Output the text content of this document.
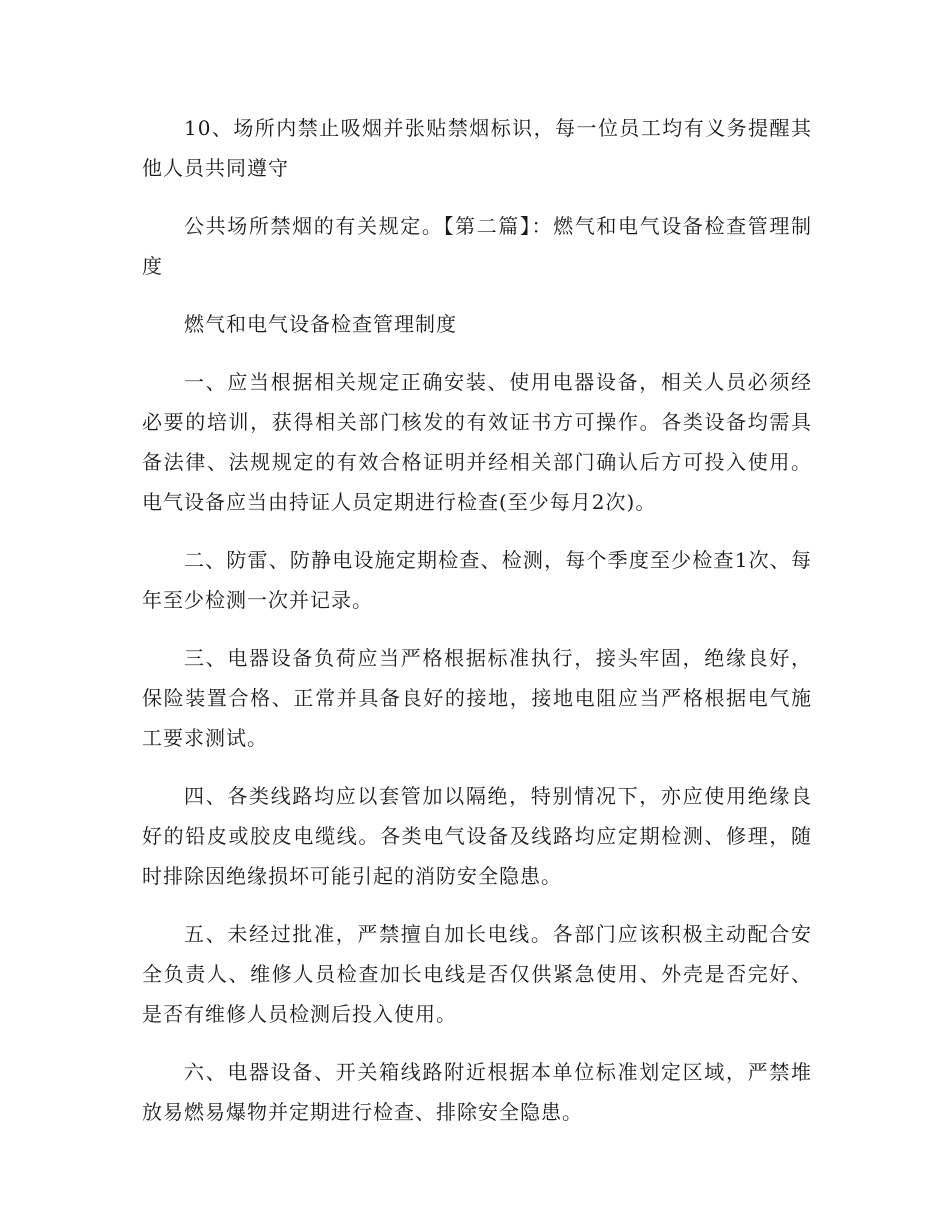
10、场所内禁止吸烟并张贴禁烟标识，每一位员工均有义务提醒其他人员共同遵守

公共场所禁烟的有关规定。【第二篇】：燃气和电气设备检查管理制度

燃气和电气设备检查管理制度

一、应当根据相关规定正确安装、使用电器设备，相关人员必须经必要的培训，获得相关部门核发的有效证书方可操作。各类设备均需具备法律、法规规定的有效合格证明并经相关部门确认后方可投入使用。电气设备应当由持证人员定期进行检查(至少每月2次)。

二、防雷、防静电设施定期检查、检测，每个季度至少检查1次、每年至少检测一次并记录。

三、电器设备负荷应当严格根据标准执行，接头牢固，绝缘良好，保险装置合格、正常并具备良好的接地，接地电阻应当严格根据电气施工要求测试。

四、各类线路均应以套管加以隔绝，特别情况下，亦应使用绝缘良好的铅皮或胶皮电缆线。各类电气设备及线路均应定期检测、修理，随时排除因绝缘损坏可能引起的消防安全隐患。

五、未经过批准，严禁擅自加长电线。各部门应该积极主动配合安全负责人、维修人员检查加长电线是否仅供紧急使用、外壳是否完好、是否有维修人员检测后投入使用。

六、电器设备、开关箱线路附近根据本单位标准划定区域，严禁堆放易燃易爆物并定期进行检查、排除安全隐患。
